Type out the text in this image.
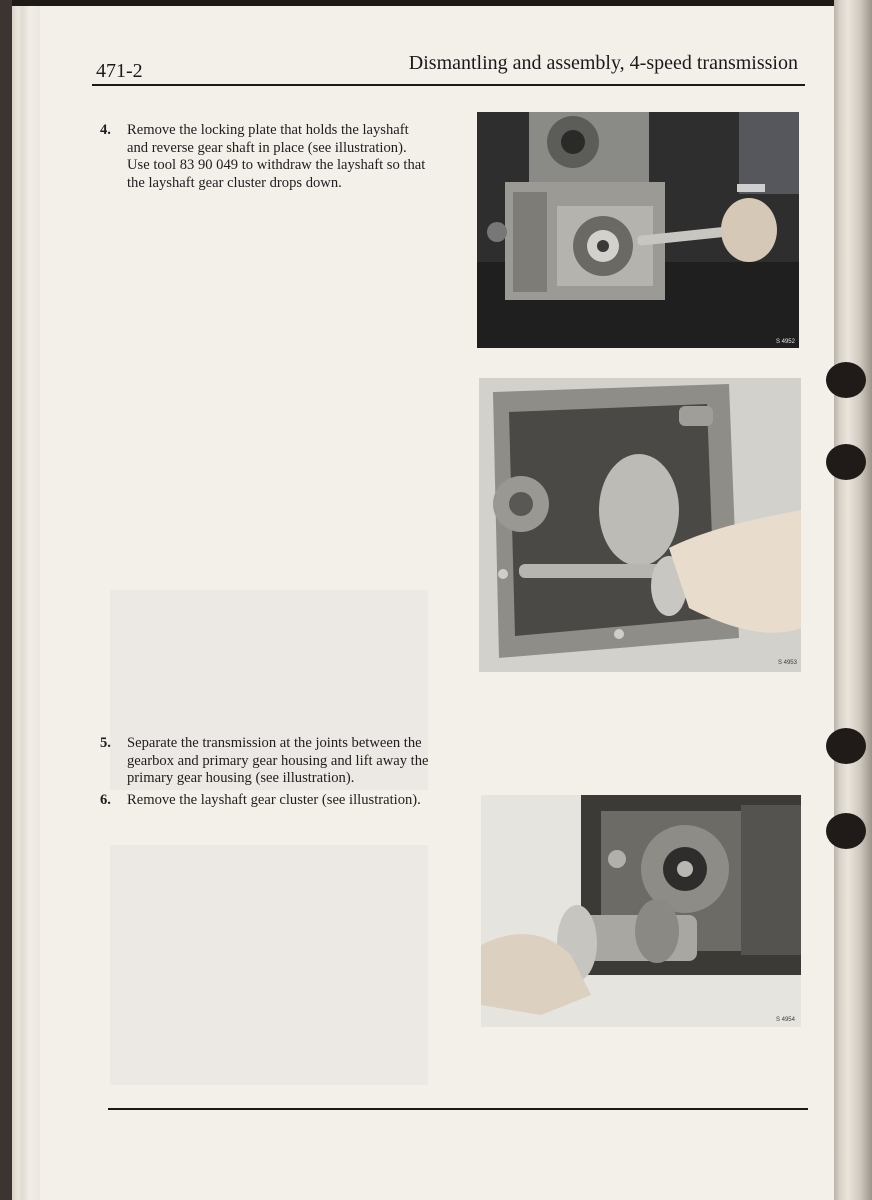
471-2	Dismantling and assembly, 4-speed transmission
4. Remove the locking plate that holds the layshaft and reverse gear shaft in place (see illustration). Use tool 83 90 049 to withdraw the layshaft so that the layshaft gear cluster drops down.
5. Separate the transmission at the joints between the gearbox and primary gear housing and lift away the primary gear housing (see illustration).
6. Remove the layshaft gear cluster (see illustration).
S 4952
S 4953
S 4954
